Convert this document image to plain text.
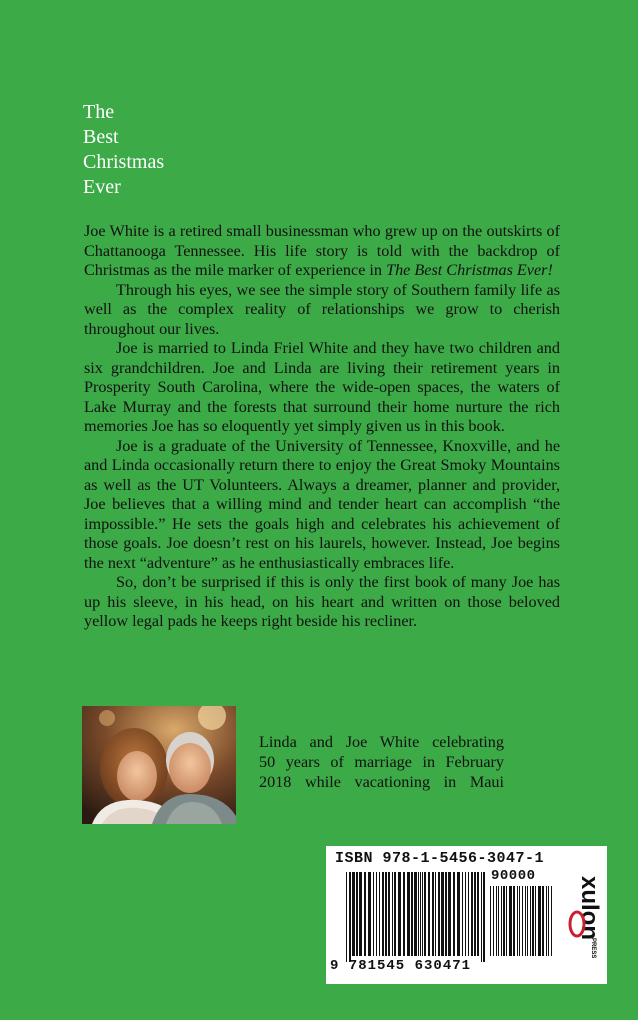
The
Best
Christmas
Ever

Joe White is a retired small businessman who grew up on the outskirts of Chattanooga Tennessee. His life story is told with the backdrop of Christmas as the mile marker of experience in The Best Christmas Ever!

Through his eyes, we see the simple story of Southern family life as well as the complex reality of relationships we grow to cherish throughout our lives.

Joe is married to Linda Friel White and they have two children and six grandchildren. Joe and Linda are living their retirement years in Prosperity South Carolina, where the wide-open spaces, the waters of Lake Murray and the forests that surround their home nurture the rich memories Joe has so eloquently yet simply given us in this book.

Joe is a graduate of the University of Tennessee, Knoxville, and he and Linda occasionally return there to enjoy the Great Smoky Mountains as well as the UT Volunteers. Always a dreamer, planner and provider, Joe believes that a willing mind and tender heart can accomplish “the impossible.” He sets the goals high and celebrates his achievement of those goals. Joe doesn’t rest on his laurels, however. Instead, Joe begins the next “adventure” as he enthusiastically embraces life.

So, don’t be surprised if this is only the first book of many Joe has up his sleeve, in his head, on his heart and written on those beloved yellow legal pads he keeps right beside his recliner.

Linda and Joe White celebrating
50 years of marriage in February
2018 while vacationing in Maui
ISBN 978-1-5456-3047-1
90000
9 781545 630471
xulon
PRESS
